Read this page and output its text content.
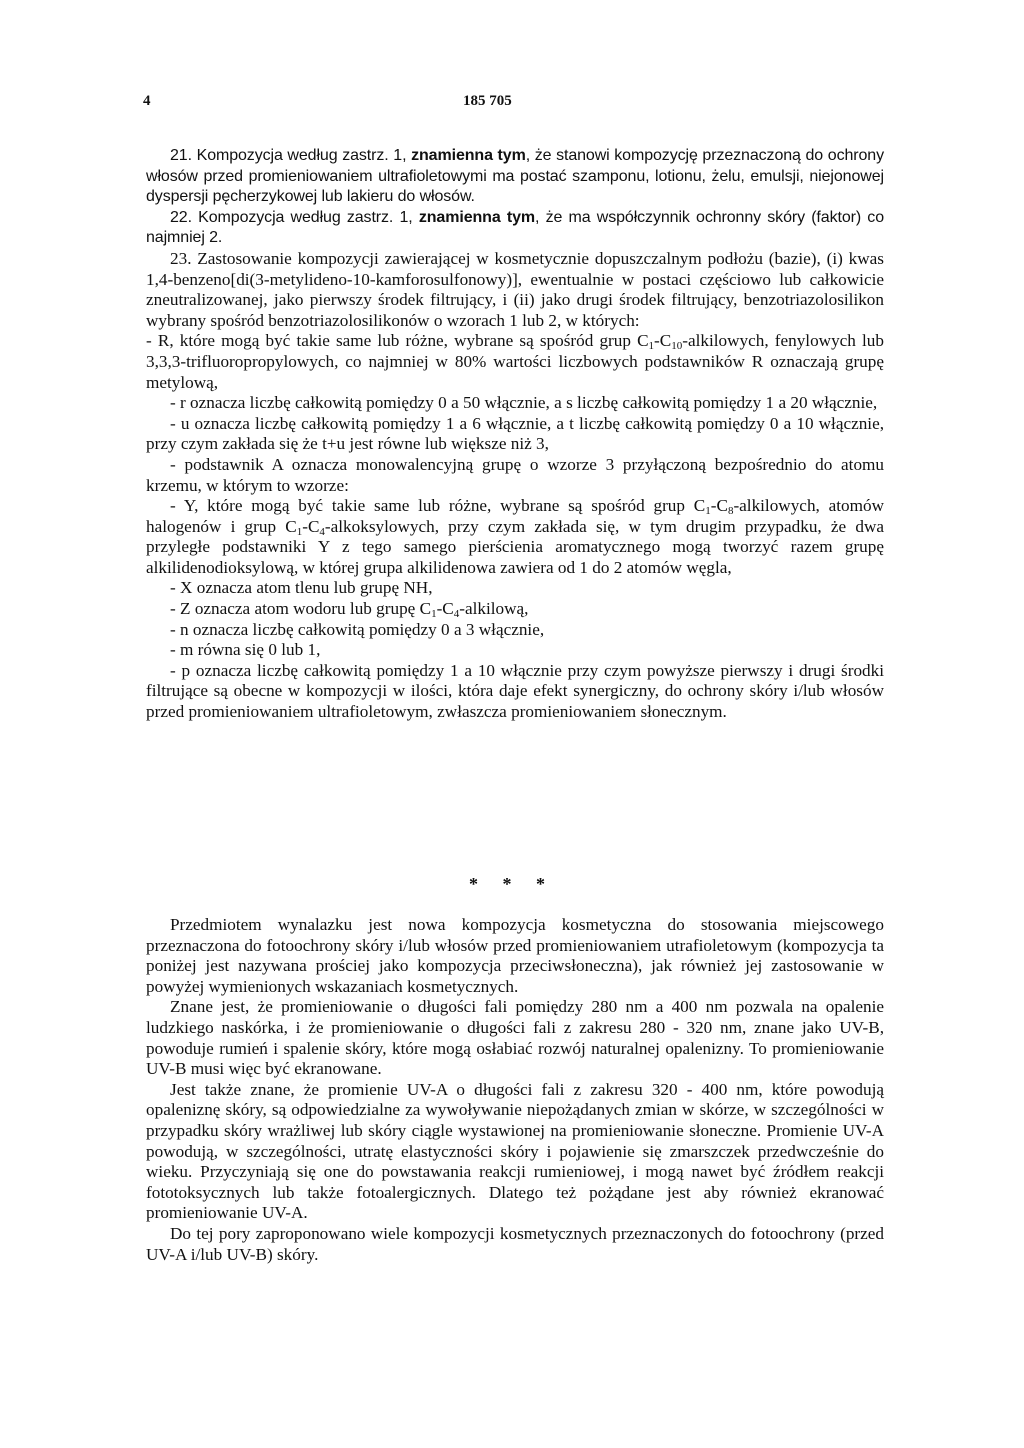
4	185 705

21. Kompozycja według zastrz. 1, znamienna tym, że stanowi kompozycję przeznaczoną do ochrony włosów przed promieniowaniem ultrafioletowymi ma postać szamponu, lotionu, żelu, emulsji, niejonowej dyspersji pęcherzykowej lub lakieru do włosów.

22. Kompozycja według zastrz. 1, znamienna tym, że ma współczynnik ochronny skóry (faktor) co najmniej 2.

23. Zastosowanie kompozycji zawierającej w kosmetycznie dopuszczalnym podłożu (bazie), (i) kwas 1,4-benzeno[di(3-metylideno-10-kamforosulfonowy)], ewentualnie w postaci częściowo lub całkowicie zneutralizowanej, jako pierwszy środek filtrujący, i (ii) jako drugi środek filtrujący, benzotriazolosilikon wybrany spośród benzotriazolosilikonów o wzorach 1 lub 2, w których:

- R, które mogą być takie same lub różne, wybrane są spośród grup $C_1-C_{10}$-alkilowych, fenylowych lub 3,3,3-trifluoropropylowych, co najmniej w 80% wartości liczbowych podstawników R oznaczają grupę metylową,

- r oznacza liczbę całkowitą pomiędzy 0 a 50 włącznie, a s liczbę całkowitą pomiędzy 1 a 20 włącznie,

- u oznacza liczbę całkowitą pomiędzy 1 a 6 włącznie, a t liczbę całkowitą pomiędzy 0 a 10 włącznie, przy czym zakłada się że t+u jest równe lub większe niż 3,

- podstawnik A oznacza monowalencyjną grupę o wzorze 3 przyłączoną bezpośrednio do atomu krzemu, w którym to wzorze:

- Y, które mogą być takie same lub różne, wybrane są spośród grup $C_1-C_8$-alkilowych, atomów halogenów i grup $C_1-C_4$-alkoksylowych, przy czym zakłada się, w tym drugim przypadku, że dwa przyległe podstawniki Y z tego samego pierścienia aromatycznego mogą tworzyć razem grupę alkilidenodioksylową, w której grupa alkilidenowa zawiera od 1 do 2 atomów węgla,

- X oznacza atom tlenu lub grupę NH,

- Z oznacza atom wodoru lub grupę $C_1-C_4$-alkilową,

- n oznacza liczbę całkowitą pomiędzy 0 a 3 włącznie,

- m równa się 0 lub 1,

- p oznacza liczbę całkowitą pomiędzy 1 a 10 włącznie przy czym powyższe pierwszy i drugi środki filtrujące są obecne w kompozycji w ilości, która daje efekt synergiczny, do ochrony skóry i/lub włosów przed promieniowaniem ultrafioletowym, zwłaszcza promieniowaniem słonecznym.

* * *

Przedmiotem wynalazku jest nowa kompozycja kosmetyczna do stosowania miejscowego przeznaczona do fotoochrony skóry i/lub włosów przed promieniowaniem utrafioletowym (kompozycja ta poniżej jest nazywana prościej jako kompozycja przeciwsłoneczna), jak również jej zastosowanie w powyżej wymienionych wskazaniach kosmetycznych.

Znane jest, że promieniowanie o długości fali pomiędzy 280 nm a 400 nm pozwala na opalenie ludzkiego naskórka, i że promieniowanie o długości fali z zakresu 280 - 320 nm, znane jako UV-B, powoduje rumień i spalenie skóry, które mogą osłabiać rozwój naturalnej opalenizny. To promieniowanie UV-B musi więc być ekranowane.

Jest także znane, że promienie UV-A o długości fali z zakresu 320 - 400 nm, które powodują opaleniznę skóry, są odpowiedzialne za wywoływanie niepożądanych zmian w skórze, w szczególności w przypadku skóry wrażliwej lub skóry ciągle wystawionej na promieniowanie słoneczne. Promienie UV-A powodują, w szczególności, utratę elastyczności skóry i pojawienie się zmarszczek przedwcześnie do wieku. Przyczyniają się one do powstawania reakcji rumieniowej, i mogą nawet być źródłem reakcji fototoksycznych lub także fotoalergicznych. Dlatego też pożądane jest aby również ekranować promieniowanie UV-A.

Do tej pory zaproponowano wiele kompozycji kosmetycznych przeznaczonych do fotoochrony (przed UV-A i/lub UV-B) skóry.
